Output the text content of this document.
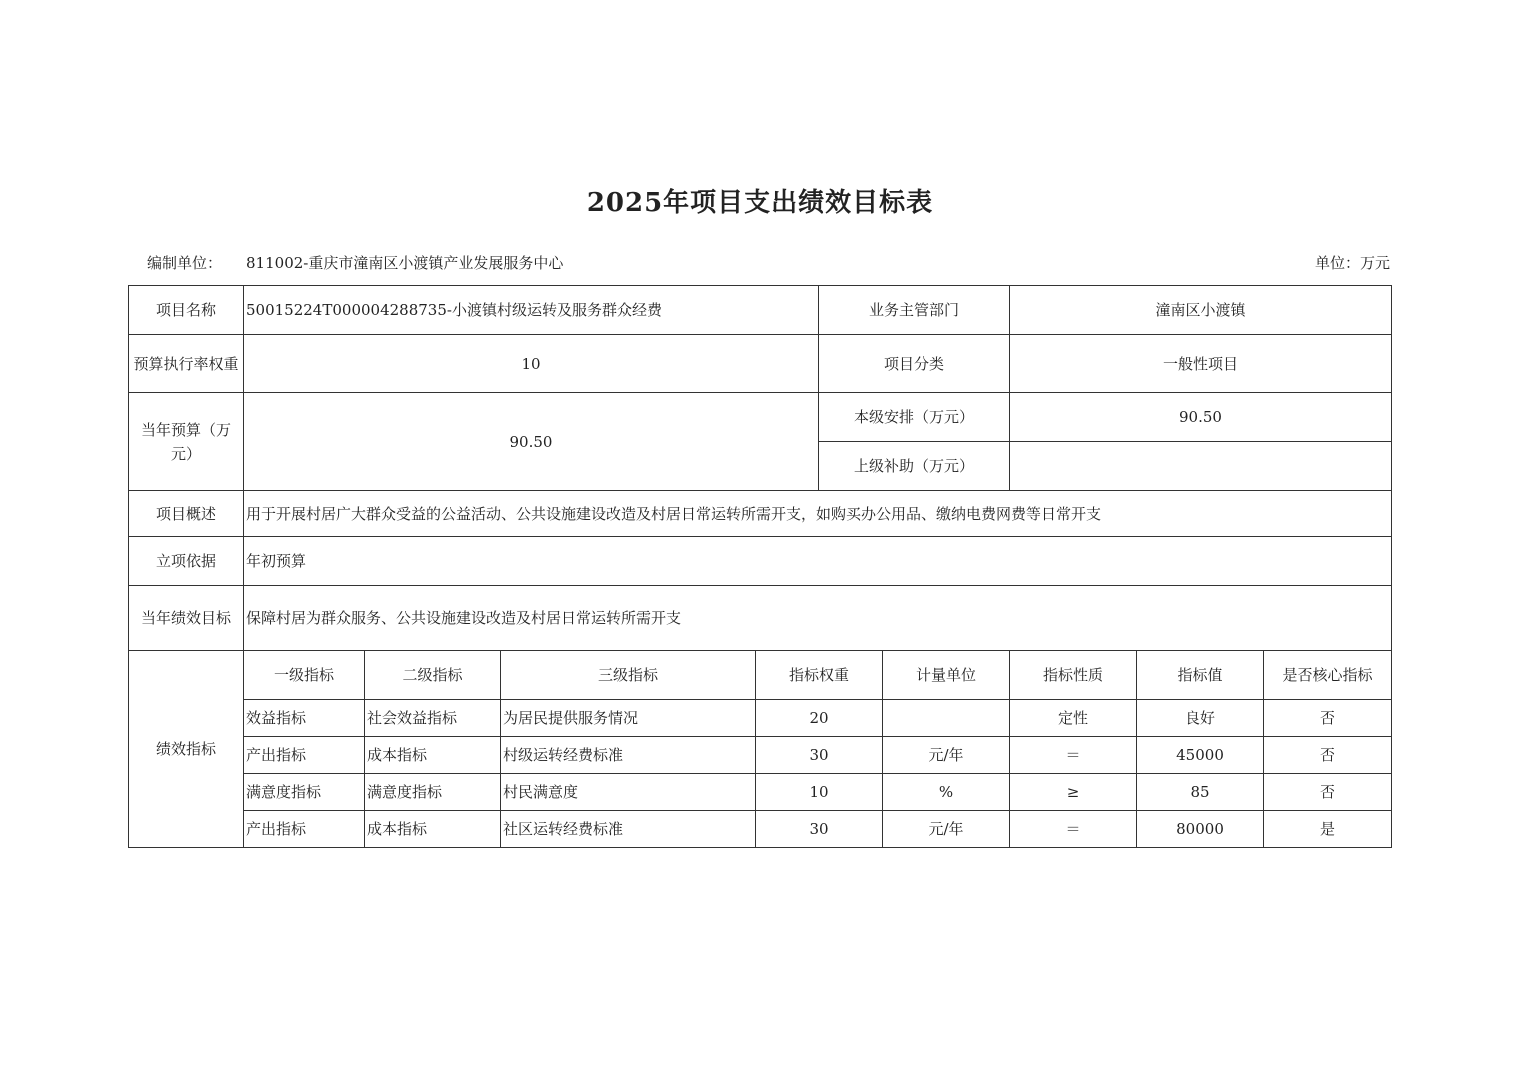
2025年项目支出绩效目标表
编制单位： 811002-重庆市潼南区小渡镇产业发展服务中心	单位：万元
项目名称	50015224T000004288735-小渡镇村级运转及服务群众经费				业务主管部门		潼南区小渡镇		
预算执行率权重	10				项目分类		一般性项目		
当年预算（万元）	90.50				本级安排（万元）		90.50		
					上级补助（万元）				
项目概述	用于开展村居广大群众受益的公益活动、公共设施建设改造及村居日常运转所需开支，如购买办公用品、缴纳电费网费等日常开支								
立项依据	年初预算								
当年绩效目标	保障村居为群众服务、公共设施建设改造及村居日常运转所需开支								
绩效指标	一级指标	二级指标	三级指标	指标权重		计量单位	指标性质	指标值	是否核心指标
	效益指标	社会效益指标	为居民提供服务情况	20			定性	良好	否
	产出指标	成本指标	村级运转经费标准	30		元/年	＝	45000	否
	满意度指标	满意度指标	村民满意度	10		%	≥	85	否
	产出指标	成本指标	社区运转经费标准	30		元/年	＝	80000	是
